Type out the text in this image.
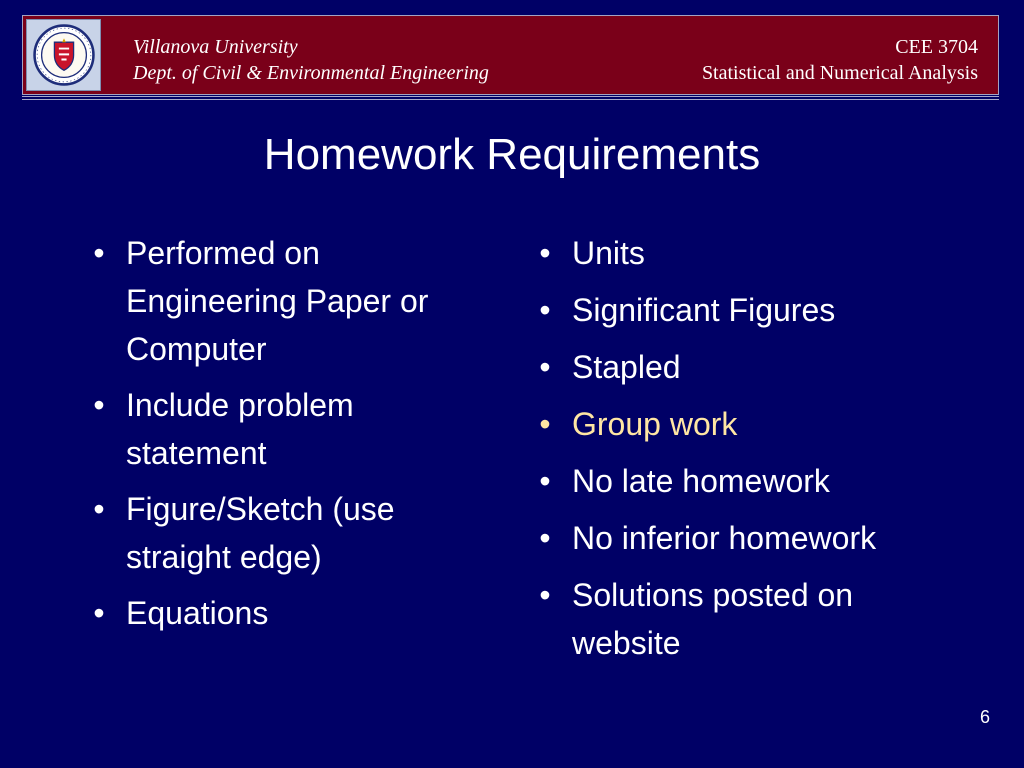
Villanova University
Dept. of Civil & Environmental Engineering
CEE 3704
Statistical and Numerical Analysis
Homework Requirements
• Performed on Engineering Paper or Computer
• Include problem statement
• Figure/Sketch (use straight edge)
• Equations
• Units
• Significant Figures
• Stapled
• Group work
• No late homework
• No inferior homework
• Solutions posted on website
6
